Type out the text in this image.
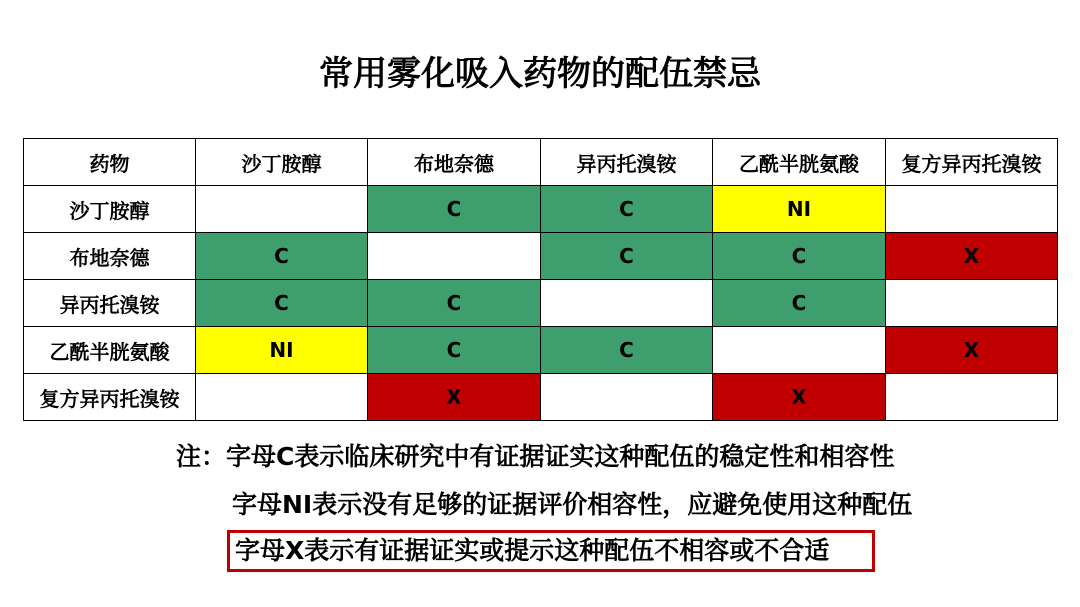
常用雾化吸入药物的配伍禁忌
药物	沙丁胺醇	布地奈德	异丙托溴铵	乙酰半胱氨酸	复方异丙托溴铵
沙丁胺醇		C	C	NI	
布地奈德	C		C	C	X
异丙托溴铵	C	C		C	
乙酰半胱氨酸	NI	C	C		X
复方异丙托溴铵		X		X	
注：字母C表示临床研究中有证据证实这种配伍的稳定性和相容性
字母NI表示没有足够的证据评价相容性，应避免使用这种配伍
字母X表示有证据证实或提示这种配伍不相容或不合适
